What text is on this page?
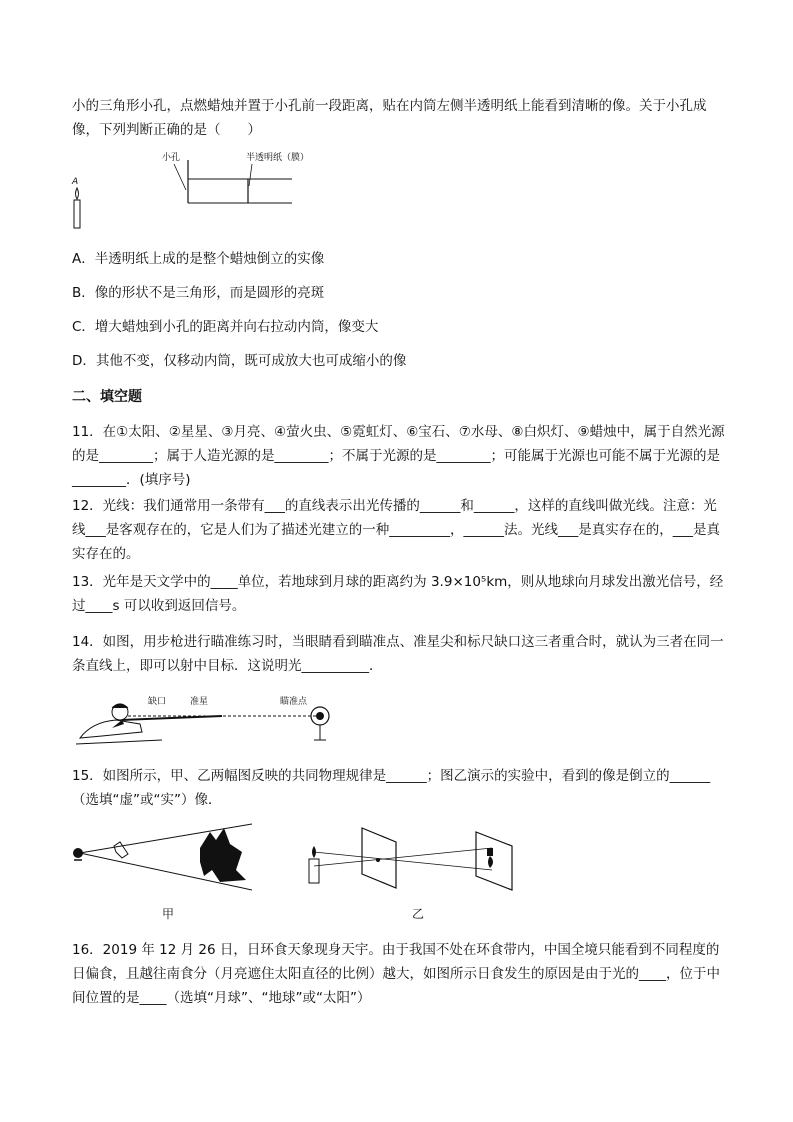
小的三角形小孔，点燃蜡烛并置于小孔前一段距离，贴在内筒左侧半透明纸上能看到清晰的像。关于小孔成像，下列判断正确的是（　　）

A
小孔	半透明纸（膜）

A．半透明纸上成的是整个蜡烛倒立的实像

B．像的形状不是三角形，而是圆形的亮斑

C．增大蜡烛到小孔的距离并向右拉动内筒，像变大

D．其他不变，仅移动内筒，既可成放大也可成缩小的像

二、填空题

11．在①太阳、②星星、③月亮、④萤火虫、⑤霓虹灯、⑥宝石、⑦水母、⑧白炽灯、⑨蜡烛中，属于自然光源的是________；属于人造光源的是________；不属于光源的是________；可能属于光源也可能不属于光源的是________．(填序号)

12．光线：我们通常用一条带有___的直线表示出光传播的______和______，这样的直线叫做光线。注意：光线___是客观存在的，它是人们为了描述光建立的一种_________，______法。光线___是真实存在的，___是真实存在的。

13．光年是天文学中的____单位，若地球到月球的距离约为 3.9×10⁵km，则从地球向月球发出激光信号，经过____s 可以收到返回信号。

14．如图，用步枪进行瞄准练习时，当眼睛看到瞄准点、准星尖和标尺缺口这三者重合时，就认为三者在同一条直线上，即可以射中目标．这说明光__________．

缺口	准星	瞄准点

15．如图所示，甲、乙两幅图反映的共同物理规律是______；图乙演示的实验中，看到的像是倒立的______（选填“虚”或“实”）像．

甲	乙

16．2019 年 12 月 26 日，日环食天象现身天宇。由于我国不处在环食带内，中国全境只能看到不同程度的日偏食，且越往南食分（月亮遮住太阳直径的比例）越大，如图所示日食发生的原因是由于光的____，位于中间位置的是____（选填“月球”、“地球”或“太阳”）
